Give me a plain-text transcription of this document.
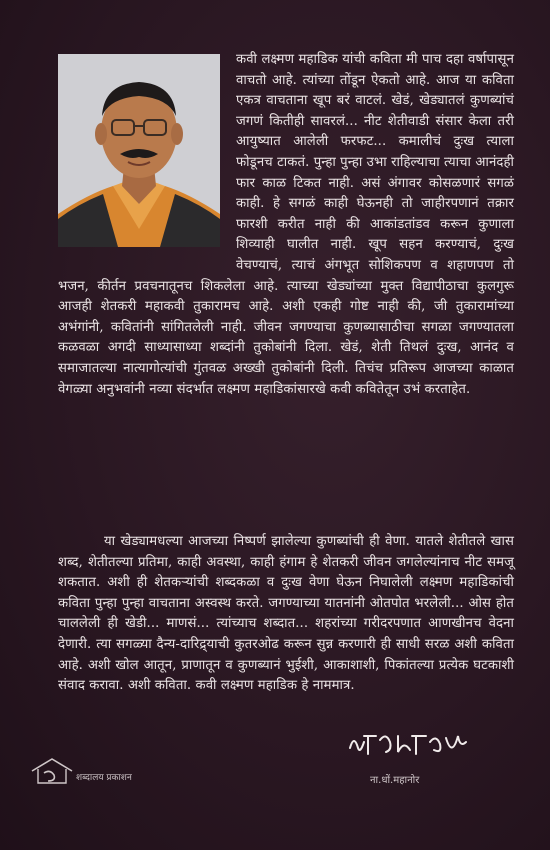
कवी लक्ष्मण महाडिक यांची कविता मी पाच दहा वर्षापासून वाचतो आहे. त्यांच्या तोंडून ऐकतो आहे. आज या कविता एकत्र वाचताना खूप बरं वाटलं. खेडं, खेड्यातलं कुणब्यांचं जगणं कितीही सावरलं... नीट शेतीवाडी संसार केला तरी आयुष्यात आलेली फरफट... कमालीचं दुःख त्याला फोडूनच टाकतं. पुन्हा पुन्हा उभा राहिल्याचा त्याचा आनंदही फार काळ टिकत नाही. असं अंगावर कोसळणारं सगळं काही. हे सगळं काही घेऊनही तो जाहीरपणानं तक्रार फारशी करीत नाही की आकांडतांडव करून कुणाला शिव्याही घालीत नाही. खूप सहन करण्याचं, दुःख वेचण्याचं, त्याचं अंगभूत सोशिकपण व शहाणपण तो भजन, कीर्तन प्रवचनातूनच शिकलेला आहे. त्याच्या खेड्यांच्या मुक्त विद्यापीठाचा कुलगुरू आजही शेतकरी महाकवी तुकारामच आहे. अशी एकही गोष्ट नाही की, जी तुकारामांच्या अभंगांनी, कवितांनी सांगितलेली नाही. जीवन जगण्याचा कुणब्यासाठीचा सगळा जगण्यातला कळवळा अगदी साध्यासाध्या शब्दांनी तुकोबांनी दिला. खेडं, शेती तिथलं दुःख, आनंद व समाजातल्या नात्यागोत्यांची गुंतवळ अख्खी तुकोबांनी दिली. तिचंच प्रतिरूप आजच्या काळात वेगळ्या अनुभवांनी नव्या संदर्भात लक्ष्मण महाडिकांसारखे कवी कवितेतून उभं करताहेत.
या खेड्यामधल्या आजच्या निष्पर्ण झालेल्या कुणब्यांची ही वेणा. यातले शेतीतले खास शब्द, शेतीतल्या प्रतिमा, काही अवस्था, काही हंगाम हे शेतकरी जीवन जगलेल्यांनाच नीट समजू शकतात. अशी ही शेतकऱ्यांची शब्दकळा व दुःख वेणा घेऊन निघालेली लक्ष्मण महाडिकांची कविता पुन्हा पुन्हा वाचताना अस्वस्थ करते. जगण्याच्या यातनांनी ओतपोत भरलेली... ओस होत चाललेली ही खेडी... माणसं... त्यांच्याच शब्दात... शहरांच्या गरीदरपणात आणखीनच वेदना देणारी. त्या सगळ्या दैन्य-दारिद्र्याची कुतरओढ करून सुन्न करणारी ही साधी सरळ अशी कविता आहे. अशी खोल आतून, प्राणातून व कुणब्यानं भुईशी, आकाशाशी, पिकांतल्या प्रत्येक घटकाशी संवाद करावा. अशी कविता. कवी लक्ष्मण महाडिक हे नाममात्र.
ना.धों.महानोर
शब्दालय प्रकाशन
